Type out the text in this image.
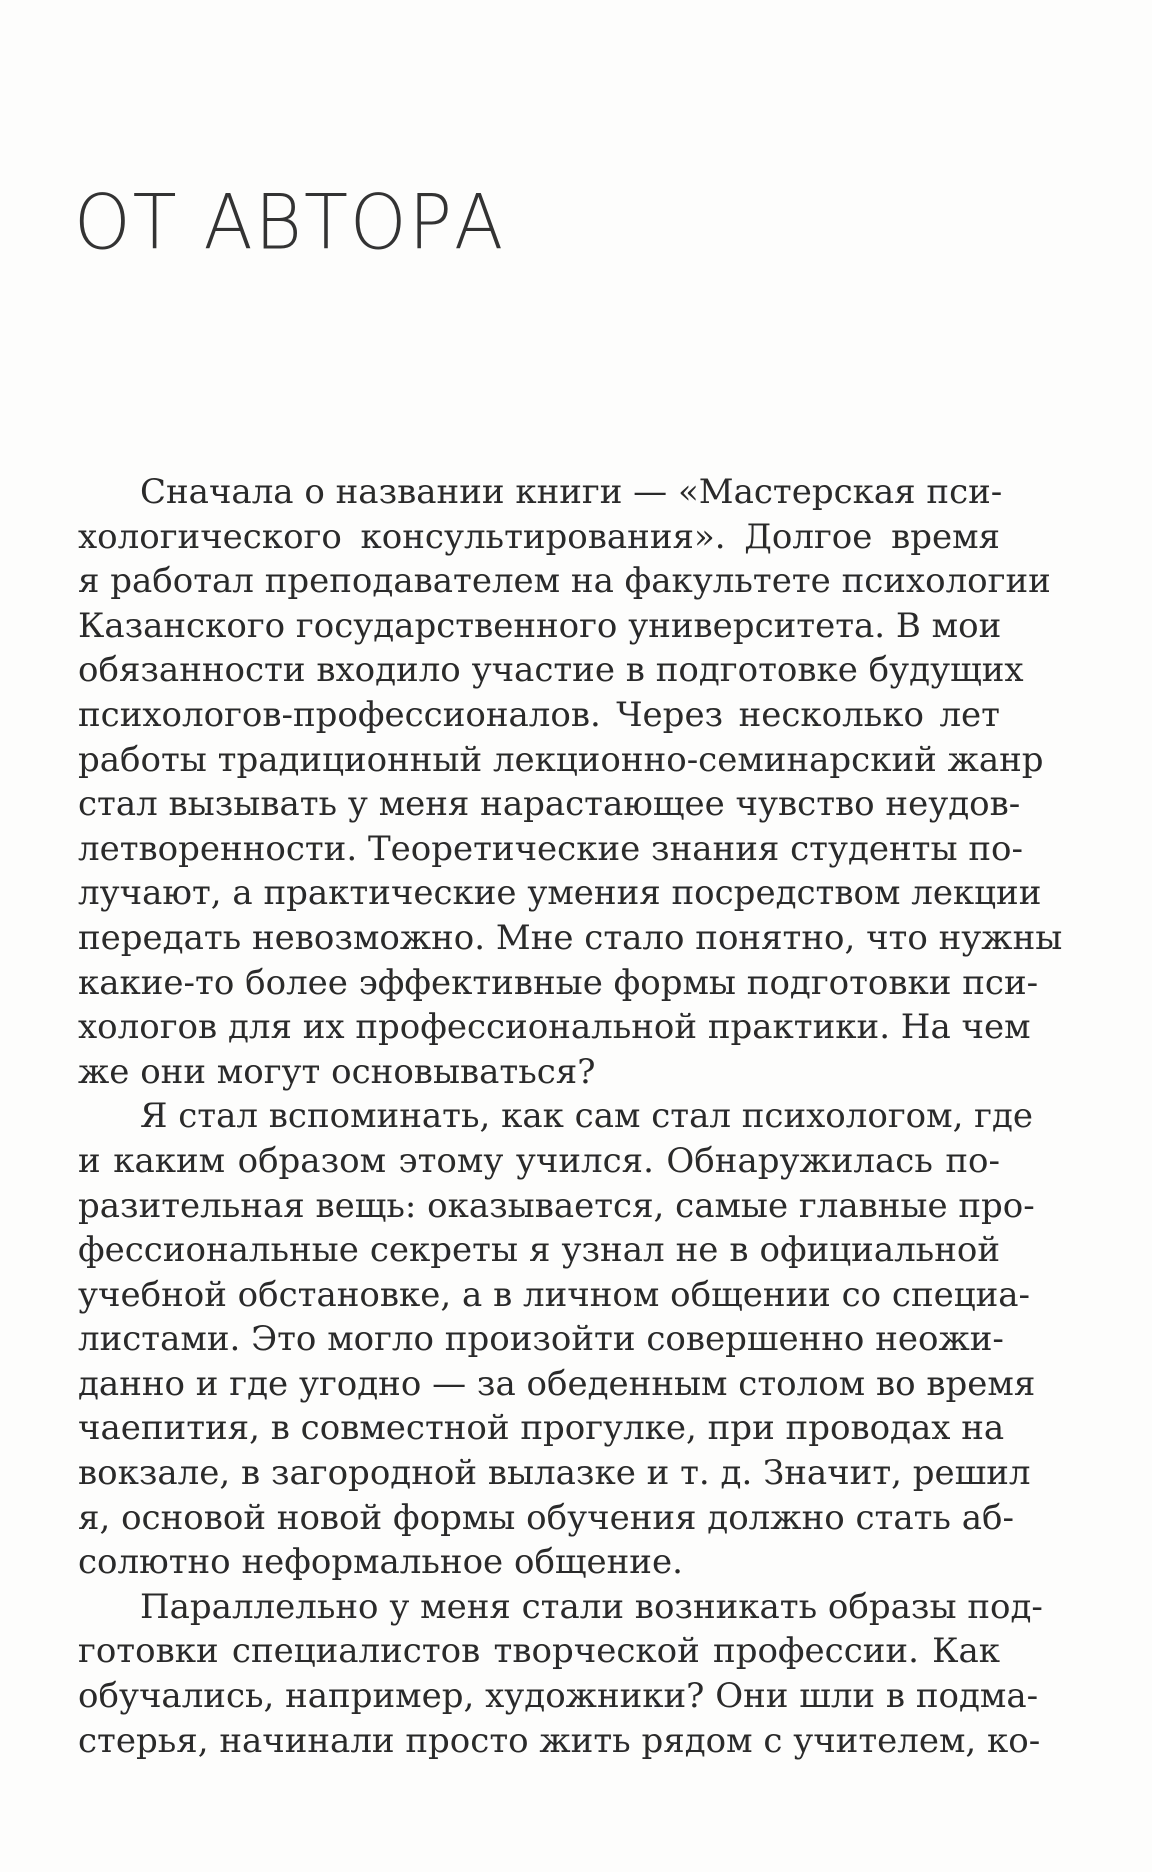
ОТ АВТОРА
Сначала о названии книги — «Мастерская пси-
хологического консультирования». Долгое время
я работал преподавателем на факультете психологии
Казанского государственного университета. В мои
обязанности входило участие в подготовке будущих
психологов-профессионалов. Через несколько лет
работы традиционный лекционно-семинарский жанр
стал вызывать у меня нарастающее чувство неудов-
летворенности. Теоретические знания студенты по-
лучают, а практические умения посредством лекции
передать невозможно. Мне стало понятно, что нужны
какие-то более эффективные формы подготовки пси-
хологов для их профессиональной практики. На чем
же они могут основываться?
Я стал вспоминать, как сам стал психологом, где
и каким образом этому учился. Обнаружилась по-
разительная вещь: оказывается, самые главные про-
фессиональные секреты я узнал не в официальной
учебной обстановке, а в личном общении со специа-
листами. Это могло произойти совершенно неожи-
данно и где угодно — за обеденным столом во время
чаепития, в совместной прогулке, при проводах на
вокзале, в загородной вылазке и т. д. Значит, решил
я, основой новой формы обучения должно стать аб-
солютно неформальное общение.
Параллельно у меня стали возникать образы под-
готовки специалистов творческой профессии. Как
обучались, например, художники? Они шли в подма-
стерья, начинали просто жить рядом с учителем, ко-
